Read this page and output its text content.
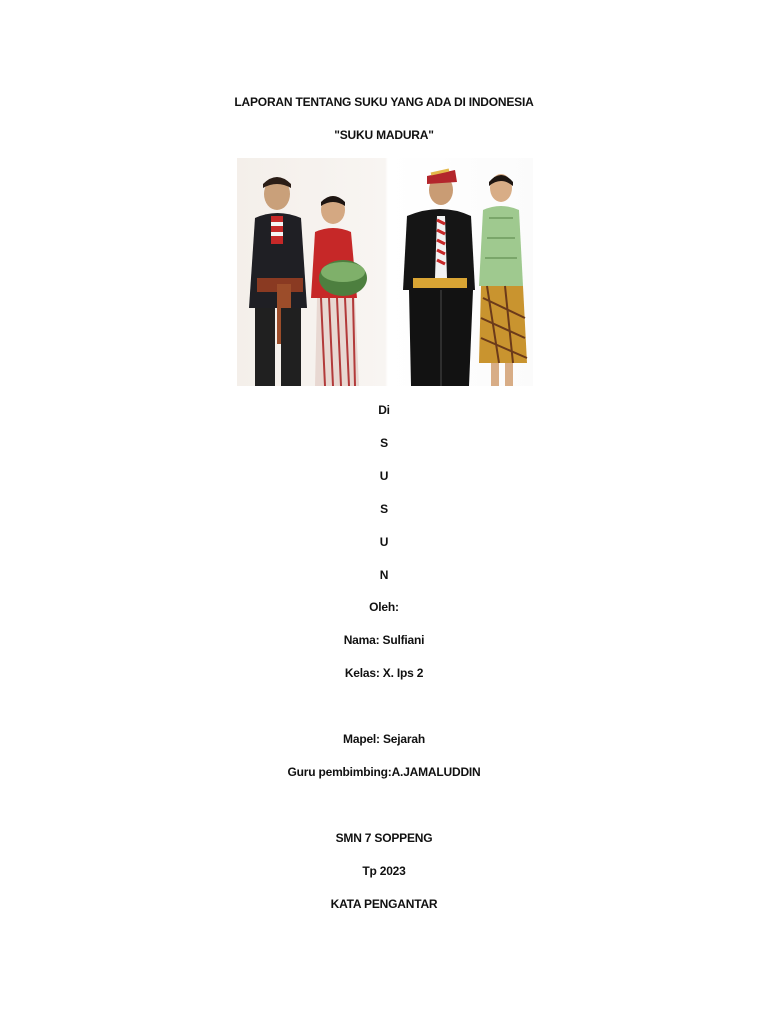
LAPORAN TENTANG SUKU YANG ADA DI INDONESIA
"SUKU MADURA"
Di
S
U
S
U
N
Oleh:
Nama: Sulfiani
Kelas: X. Ips 2
Mapel: Sejarah
Guru pembimbing:A.JAMALUDDIN
SMN 7 SOPPENG
Tp 2023
KATA PENGANTAR
